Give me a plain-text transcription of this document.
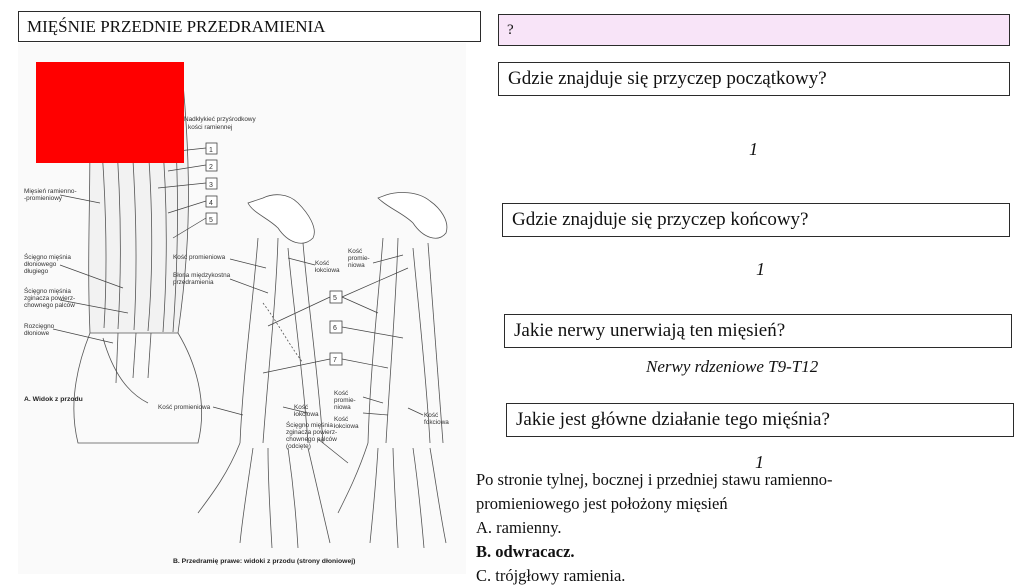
MIĘŚNIE PRZEDNIE PRZEDRAMIENIA	?
Gdzie znajduje się przyczep początkowy?
1
Gdzie znajduje się przyczep końcowy?
1
Jakie nerwy unerwiają ten mięsień?
Nerwy rdzeniowe T9-T12
Jakie jest główne działanie tego mięśnia?
1
Po stronie tylnej, bocznej i przedniej stawu ramienno-
promieniowego jest położony mięsień
A. ramienny.
B. odwracacz.
C. trójgłowy ramienia.
1
2
3
4
5
Nadkłykieć przyśrodkowy
kości ramiennej
Mięsień ramienno-
-promieniowy
Ścięgno mięśnia
dłoniowego
długiego
Ścięgno mięśnia
zginacza powierz-
chownego palców
Rozcięgno
dłoniowe
A. Widok z przodu
5
6
7
Kość promieniowa
Błona międzykostna
przedramienia
Kość
łokciowa
Kość
promie-
niowa
Kość promieniowa	Kość
łokciowa
Ścięgno mięśnia
zginacza powierz-
chownego palców
(odcięte)
Kość
promie-
niowa
Kość
łokciowa
Kość
fokciowa
B. Przedramię prawe: widoki z przodu (strony dłoniowej)
